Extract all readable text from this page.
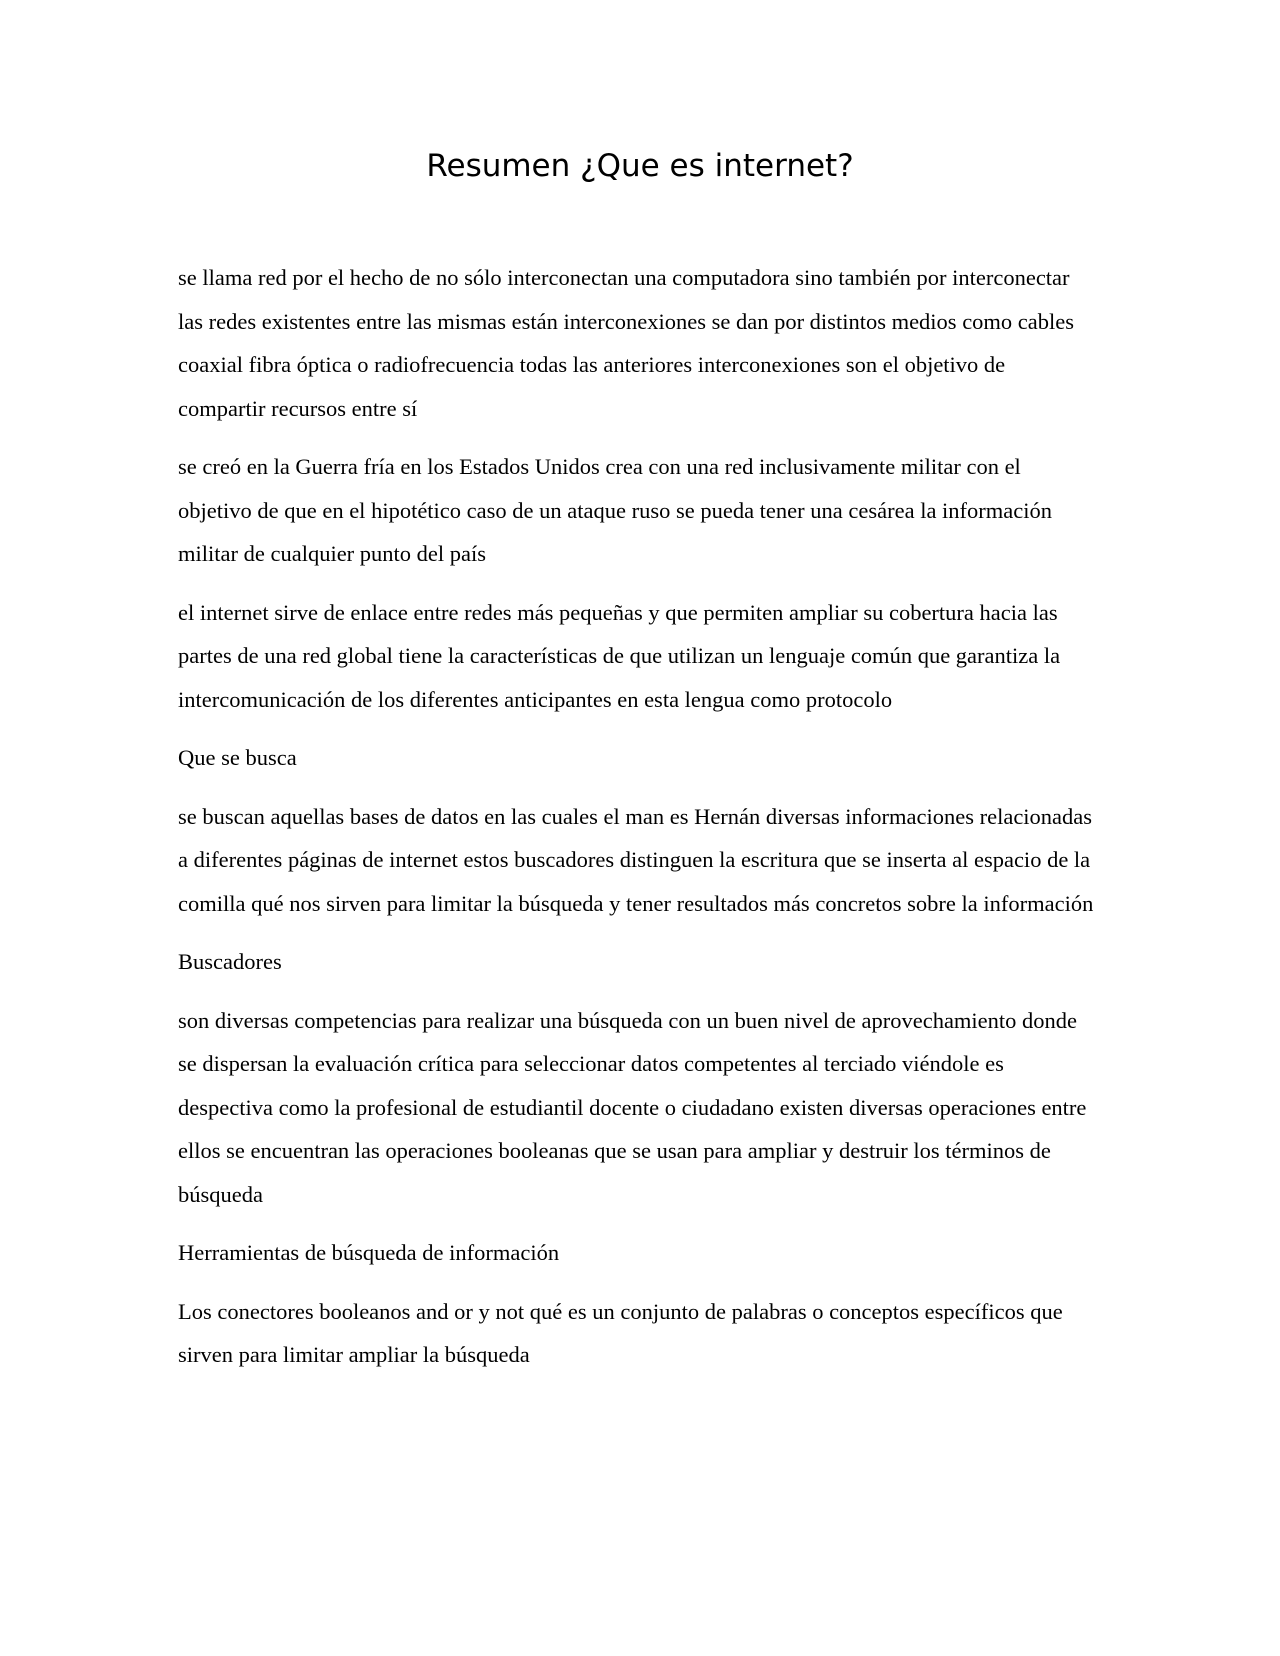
Resumen ¿Que es internet?

se llama red por el hecho de no sólo interconectan una computadora sino también por interconectar las redes existentes entre las mismas están interconexiones se dan por distintos medios como cables coaxial fibra óptica o radiofrecuencia todas las anteriores interconexiones son el objetivo de compartir recursos entre sí

se creó en la Guerra fría en los Estados Unidos crea con una red inclusivamente militar con el objetivo de que en el hipotético caso de un ataque ruso se pueda tener una cesárea la información militar de cualquier punto del país

el internet sirve de enlace entre redes más pequeñas y que permiten ampliar su cobertura hacia las partes de una red global tiene la características de que utilizan un lenguaje común que garantiza la intercomunicación de los diferentes anticipantes en esta lengua como protocolo

Que se busca

se buscan aquellas bases de datos en las cuales el man es Hernán diversas informaciones relacionadas a diferentes páginas de internet estos buscadores distinguen la escritura que se inserta al espacio de la comilla qué nos sirven para limitar la búsqueda y tener resultados más concretos sobre la información

Buscadores

son diversas competencias para realizar una búsqueda con un buen nivel de aprovechamiento donde se dispersan la evaluación crítica para seleccionar datos competentes al terciado viéndole es despectiva como la profesional de estudiantil docente o ciudadano existen diversas operaciones entre ellos se encuentran las operaciones booleanas que se usan para ampliar y destruir los términos de búsqueda

Herramientas de búsqueda de información

Los conectores booleanos and or y not qué es un conjunto de palabras o conceptos específicos que sirven para limitar ampliar la búsqueda
